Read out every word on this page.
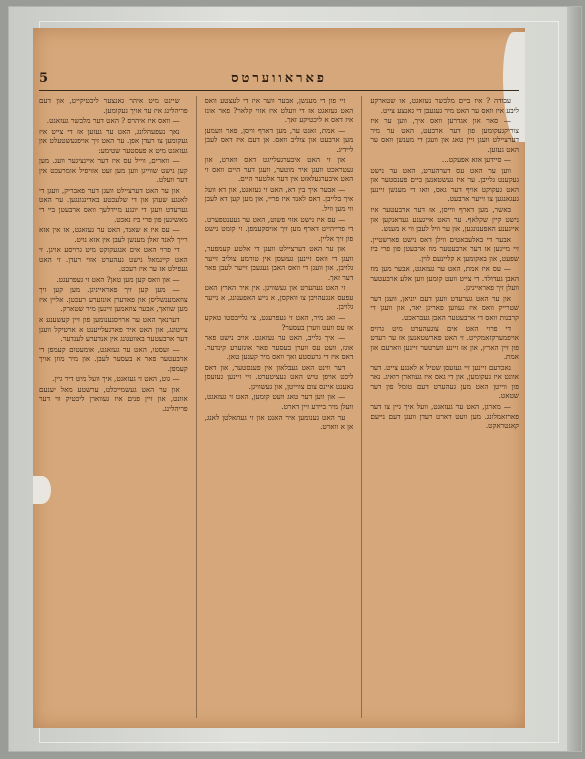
פאראווערטס
5

עבודה ? איז ביים מלבשר נעזאגט, או שטארקע ליבע איז וואס ער האט מיר געגעבן די גאנצע צייט.

— סאר און אגדרען וואס איך, ווען ער איז צוריקגעקומען פון דער ארבעט, האט ער מיר דערציילט וועגן זיין טאג און וועגן די מענשן וואס ער האט געזען.

— סיידען אזא אפעקט...

ווען ער האט עס דערהערט, האט ער נישט געקענט גלייבן. ער איז געשטאנען ביים פענסטער און האט געקוקט אויף דער גאס, וואו די מענשן זיינען געגאנגען צו זייער ארבעט.

באשר, מען דארף ווייסן, אז דער ארבעטער איז נישט קיין שקלאף. ער האט אייגענע געדאנקען און אייגענע האפענונגען, און ער וויל לעבן ווי א מענש.

אבער די באלעבאטים ווילן דאס נישט פארשטיין. זיי מיינען אז דער ארבעטער מוז ארבעטן פון פרי ביז שפעט, און באקומען א קליינעם לוין.

— עס איז אמת, האט ער געזאגט, אבער מען מוז האבן געדולד. די צייט וועט קומען ווען אלע ארבעטער וועלן זיך פאראייניגן.

און ער האט גערעדט וועגן דעם יוניאן, וועגן דער שטרייק וואס איז געווען פאריגן יאר, און וועגן די קרבנות וואס די ארבעטער האבן געבראכט.

די פרוי האט אים צוגעהערט מיט גרויס אויפמערקזאמקייט. זי האט פארשטאנען אז ער רעדט פון זיין הארץ, און אז זיינע ווערטער זיינען ווארעם און אמת.

נאכדעם זיינען זיי געזעסן שטיל א לאנגע צייט. דער אוונט איז געקומען, און די גאס איז געווארן רואיג. נאר פון ווייטן האט מען געהערט דעם טומל פון דער שטאט.

— מארגן, האט ער געזאגט, וועל איך גיין צו דער פארזאמלונג. מען וועט דארט רעדן וועגן דעם נייעם קאנטראקט.

זיי פון די מענשן, אבער ווער איז די לעצטע וואס האט געזאגט אז די וועלט איז אזוי קלאר? פאר אונז איז דאס א ליכטיקע זאך.

— אמת, זאגט ער, מען דארף וויסן, פאר וועמען מען ארבעט און צוליב וואס. אן דעם איז דאס לעבן ליידיג.

און זי האט איבערגעלייגט דאס ווארט, און געטראכט וועגן איר מוטער, וועגן דער היים וואס זי האט איבערגעלאזט אין דער אלטער היים.

— אבער איך בין דא, האט זי געזאגט, און דא וועל איך בלייבן. דאס לאנד איז פריי, און מען קען דא לעבן ווי מען וויל.

— עס איז נישט אזוי פשוט, האט ער געענטפערט. די פרייהייט דארף מען זיך אויסקעמפן. זי קומט נישט פון זיך אליין.

און ער האט דערציילט וועגן די אלטע קעמפער, וועגן די וואס זיינען געזעסן אין טורמע צוליב זייער גלויבן, און וועגן די וואס האבן געגעבן זייער לעבן פאר דער זאך.

זי האט געהערט און געשוויגן. אין איר הארץ האט עפעס אנגעהויבן צו וואקסן, א נייע האפענונג, א נייער גלויבן.

— זאג מיר, האט זי געפרעגט, צי גלייבסטו טאקע אז עס וועט ווערן בעסער?

— איך גלייב, האט ער געזאגט. אויב נישט פאר אונז, וועט עס ווערן בעסער פאר אונזערע קינדער. דאס איז די גרעסטע זאך וואס מיר קענען טאן.

דער ווינט האט געבלאזן אין פענסטער, און דאס ליכט אויפן טיש האט געציטערט. זיי זיינען געזעסן נאענט איינס צום צווייטן, און געשוויגן.

— און ווען דער טאג וועט קומען, האט זי געזאגט, וועלן מיר ביידע זיין דארט.

ער האט גענומען איר האנט און זי געהאלטן לאנג, אן א ווארט.

שיינט מיט איהר גאנצער ליכטיקייט, און דעם פריהלינג איז ער אויך געקומען.

— וואס איז איהרס ? האט דער מלבשר געזאגט.

נאך נעפעהלונג, האט ער געזען אז די צייט איז געקומען צו רעדן אפן. ער האט זיך אויפגעשטעלט און געזאגט מיט א פעסטער שטימע:

— ווארים, ווייל עס איז דער איינציגער וועג. מען קען נישט שווייגן ווען מען זעט אזויפיל אומרעכט אין דער וועלט.

און ער האט דערציילט וועגן דער פאבריק, וועגן די לאנגע שעהן און די שלעכטע באדינגונגען. ער האט גערעדט וועגן די יונגע מיידלעך וואס ארבעטן ביי די מאשינען פון פרי ביז נאכט.

— עס איז א שאנד, האט ער געזאגט, אז אין אזא רייך לאנד זאלן מענשן לעבן אין אזא נויט.

די פרוי האט אים אנגעקוקט מיט גרויסע אויגן. זי האט קיינמאל נישט געהערט אזוי רעדן. זי האט געפילט אז ער איז רעכט.

— און וואס קען מען טאן? האט זי געפרעגט.

— מען קען זיך פאראייניגן. מען קען זיך צוזאמענשליסן און פאדערן אונזערע רעכטן. אליין איז מען שוואך, אבער צוזאמען זיינען מיר שטארק.

דערנאך האט ער ארויסגענומען פון זיין קעשענע א צייטונג, און האט איר פארגעלייענט א ארטיקל וועגן דער ארבעטער באוועגונג אין אנדערע לענדער.

— זעסטו, האט ער געזאגט, אומעטום קעמפן די ארבעטער פאר א בעסער לעבן. און מיר מוזן אויך קעמפן.

— גוט, האט זי געזאגט, איך וועל מיט דיר גיין.

און ער האט געשמייכלט, ערשטע מאל יענעם אוונט, און זיין פנים איז געווארן ליכטיק ווי דער פריהלינג.
